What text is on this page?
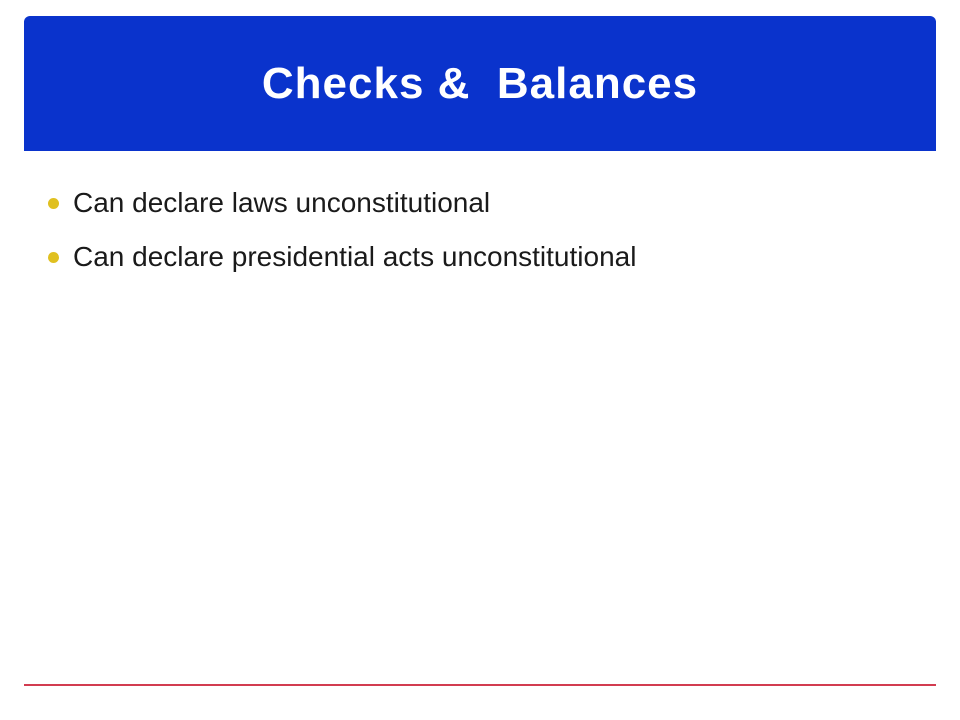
Checks &  Balances
Can declare laws unconstitutional
Can declare presidential acts unconstitutional
